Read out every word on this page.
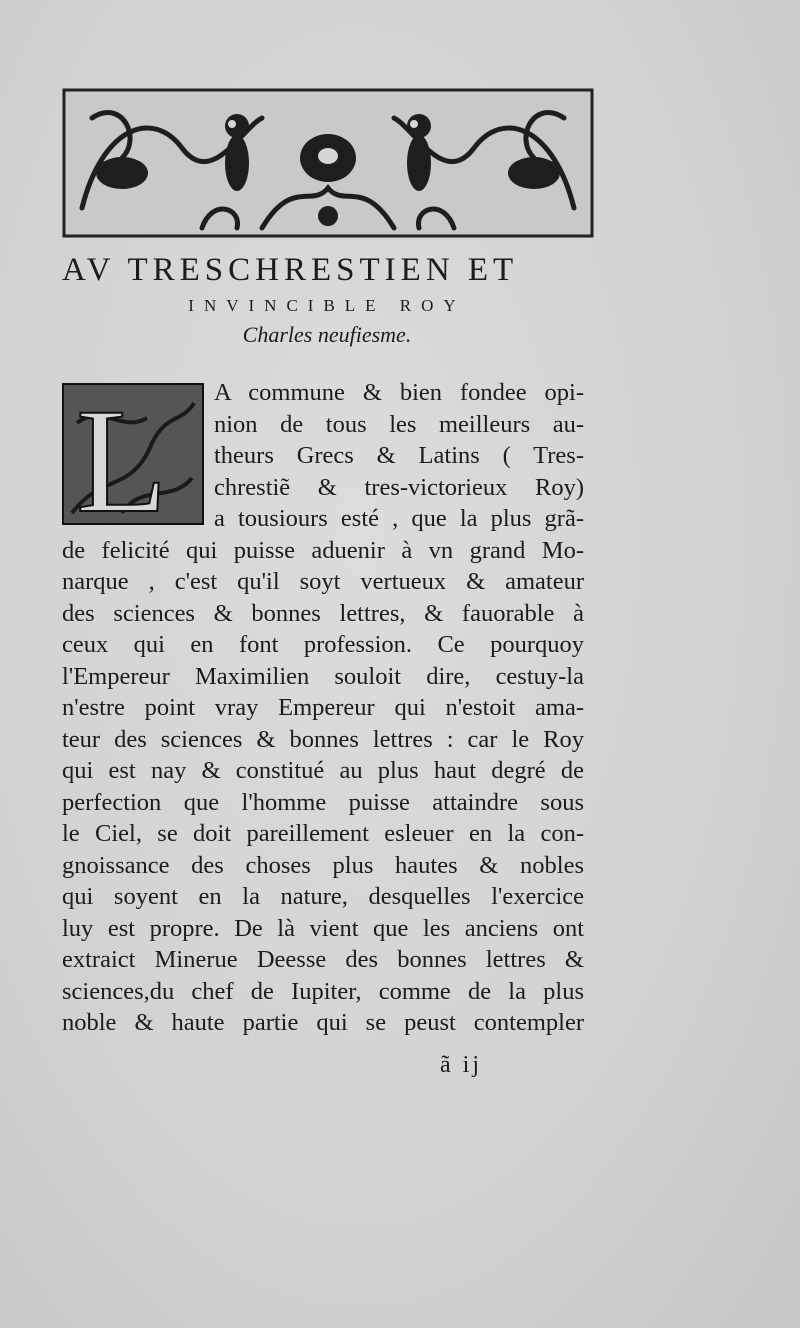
AV TRESCHRESTIEN ET
INVINCIBLE ROY
Charles neufiesme.
L A commune & bien fondee opi-
nion de tous les meilleurs au-
theurs Grecs & Latins ( Tres-
chrestiẽ & tres-victorieux Roy)
a tousiours esté , que la plus grã-
de felicité qui puisse aduenir à vn grand Mo-
narque , c'est qu'il soyt vertueux & amateur
des sciences & bonnes lettres, & fauorable à
ceux qui en font profession. Ce pourquoy
l'Empereur Maximilien souloit dire, cestuy-la
n'estre point vray Empereur qui n'estoit ama-
teur des sciences & bonnes lettres : car le Roy
qui est nay & constitué au plus haut degré de
perfection que l'homme puisse attaindre sous
le Ciel, se doit pareillement esleuer en la con-
gnoissance des choses plus hautes & nobles
qui soyent en la nature, desquelles l'exercice
luy est propre. De là vient que les anciens ont
extraict Minerue Deesse des bonnes lettres &
sciences,du chef de Iupiter, comme de la plus
noble & haute partie qui se peust contempler
ã ij
